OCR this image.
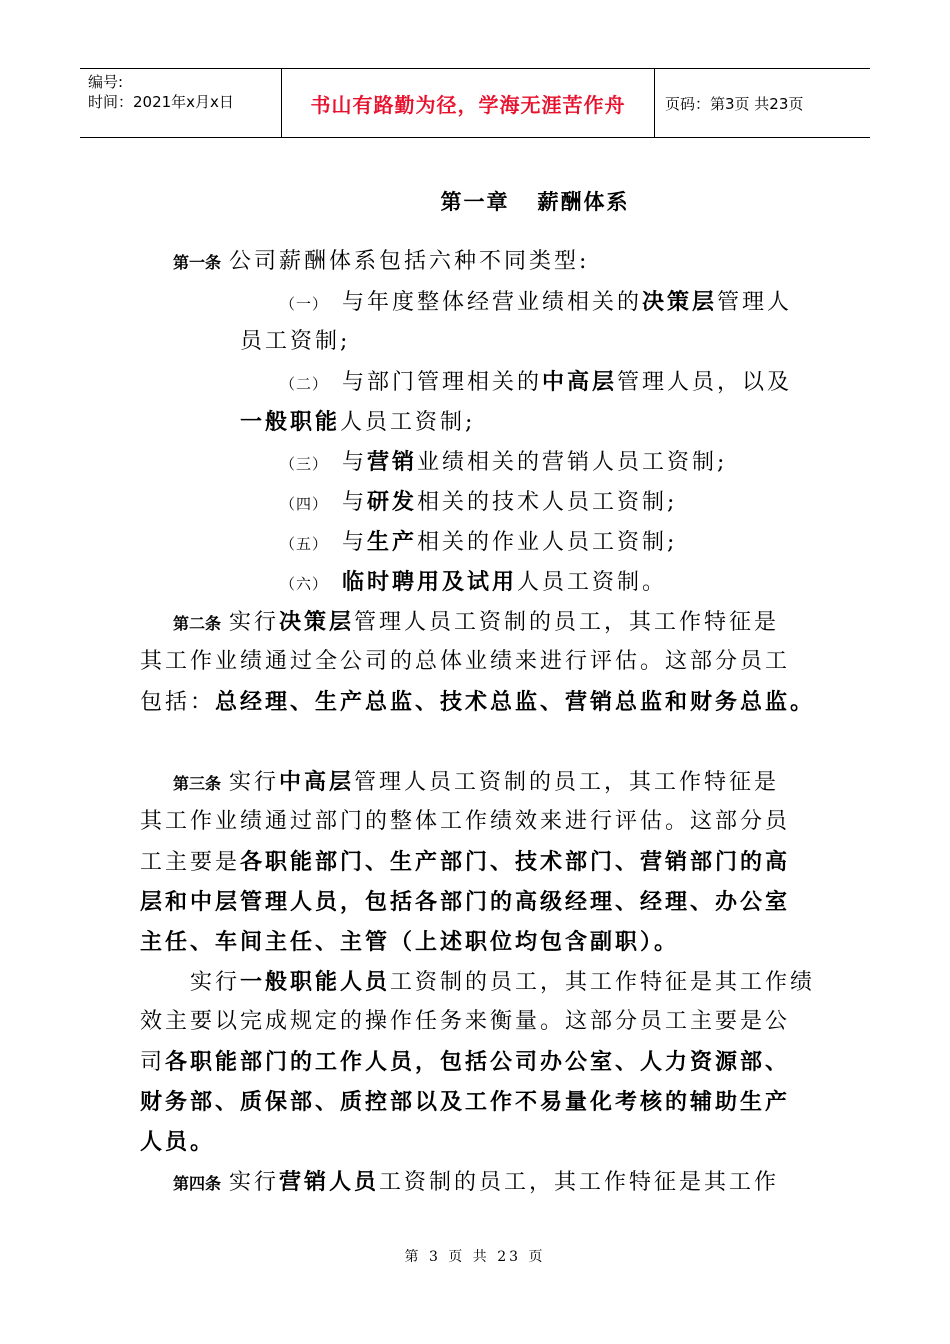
编号:
时间：2021年x月x日	书山有路勤为径，学海无涯苦作舟	页码：第3页 共23页
第一章 薪酬体系
第一条 公司薪酬体系包括六种不同类型:
（一） 与年度整体经营业绩相关的决策层管理人
员工资制;
（二） 与部门管理相关的中高层管理人员，以及
一般职能人员工资制;
（三） 与营销业绩相关的营销人员工资制;
（四） 与研发相关的技术人员工资制;
（五） 与生产相关的作业人员工资制;
（六） 临时聘用及试用人员工资制。
第二条 实行决策层管理人员工资制的员工，其工作特征是
其工作业绩通过全公司的总体业绩来进行评估。这部分员工
包括：总经理、生产总监、技术总监、营销总监和财务总监。
第三条 实行中高层管理人员工资制的员工，其工作特征是
其工作业绩通过部门的整体工作绩效来进行评估。这部分员
工主要是各职能部门、生产部门、技术部门、营销部门的高
层和中层管理人员，包括各部门的高级经理、经理、办公室
主任、车间主任、主管（上述职位均包含副职）。
实行一般职能人员工资制的员工，其工作特征是其工作绩
效主要以完成规定的操作任务来衡量。这部分员工主要是公
司各职能部门的工作人员，包括公司办公室、人力资源部、
财务部、质保部、质控部以及工作不易量化考核的辅助生产
人员。
第四条 实行营销人员工资制的员工，其工作特征是其工作
第 3 页 共 23 页
